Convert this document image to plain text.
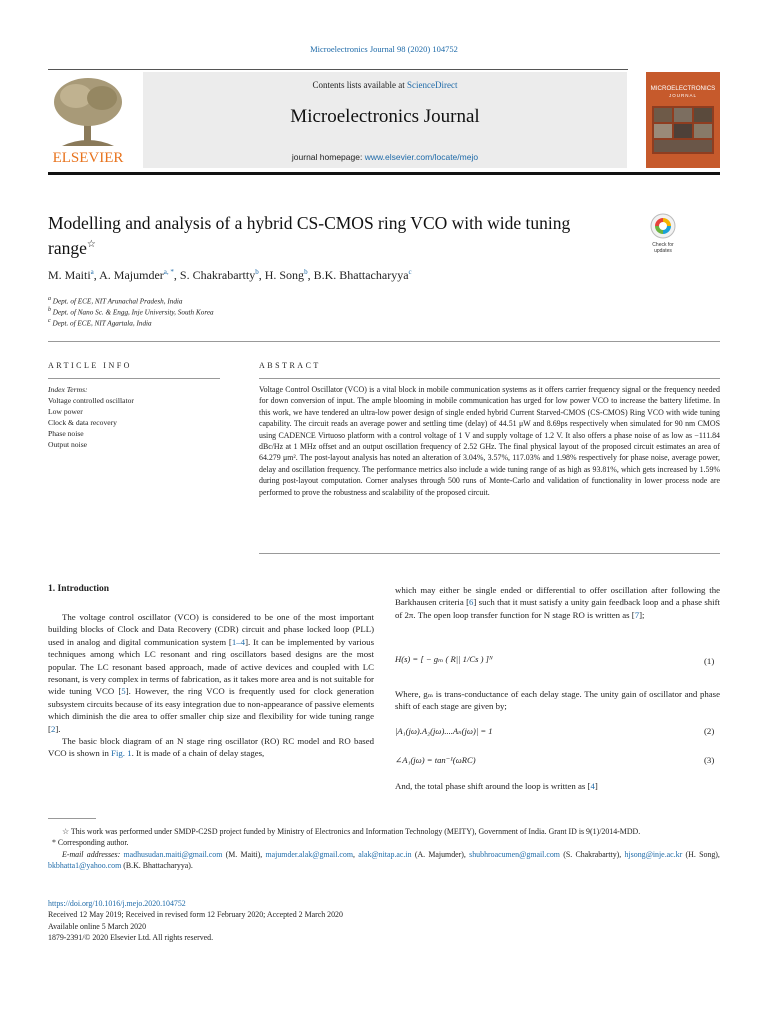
Microelectronics Journal 98 (2020) 104752
ELSEVIER
Contents lists available at ScienceDirect
Microelectronics Journal
journal homepage: www.elsevier.com/locate/mejo
MICROELECTRONICS
JOURNAL
Modelling and analysis of a hybrid CS-CMOS ring VCO with wide tuning range☆	Check for
updates
M. Maiti$^a$, A. Majumder$^{a, *}$, S. Chakrabartty$^b$, H. Song$^b$, B.K. Bhattacharyya$^c$
$^a$ Dept. of ECE, NIT Arunachal Pradesh, India
$^b$ Dept. of Nano Sc. & Engg, Inje University, South Korea
$^c$ Dept. of ECE, NIT Agartala, India
ARTICLE INFO
Index Terms:
Voltage controlled oscillator
Low power
Clock & data recovery
Phase noise
Output noise
ABSTRACT
Voltage Control Oscillator (VCO) is a vital block in mobile communication systems as it offers carrier frequency signal or the frequency needed for down conversion of input. The ample blooming in mobile communication has urged for low power VCO to increase the battery lifetime. In this work, we have tendered an ultra-low power design of single ended hybrid Current Starved-CMOS (CS-CMOS) Ring VCO with wide tuning capability. The circuit reads an average power and settling time (delay) of 44.51 μW and 8.69ps respectively when simulated for 90 nm CMOS using CADENCE Virtuoso platform with a control voltage of 1 V and supply voltage of 1.2 V. It also offers a phase noise of as low as −111.84 dBc/Hz at 1 MHz offset and an output oscillation frequency of 2.52 GHz. The final physical layout of the proposed circuit estimates an area of 64.279 μm². The post-layout analysis has noted an alteration of 3.04%, 3.57%, 117.03% and 1.98% respectively for phase noise, average power, delay and oscillation frequency. The performance metrics also include a wide tuning range of as high as 93.81%, which gets increased by 1.59% during post-layout computation. Corner analyses through 500 runs of Monte-Carlo and validation of functionality in lower process node are performed to prove the robustness and scalability of the proposed circuit.
1. Introduction

The voltage control oscillator (VCO) is considered to be one of the most important building blocks of Clock and Data Recovery (CDR) circuit and phase locked loop (PLL) used in analog and digital communication system [1–4]. It can be implemented by various techniques among which LC resonant and ring oscillators based designs are the most popular. The LC resonant based approach, made of active devices and coupled with LC resonant, is very complex in terms of fabrication, as it takes more area and is not suitable for wide tuning VCO [5]. However, the ring VCO is frequently used for clock generation subsystem circuits because of its easy integration due to non-appearance of passive elements which diminish the die area to offer smaller chip size and flexibility for wide tuning range [2].

The basic block diagram of an N stage ring oscillator (RO) RC model and RO based VCO is shown in Fig. 1. It is made of a chain of delay stages,

which may either be single ended or differential to offer oscillation after following the Barkhausen criteria [6] such that it must satisfy a unity gain feedback loop and a phase shift of 2π. The open loop transfer function for N stage RO is written as [7];

H(s) = [ − gₘ ( R|| 1/Cs ) ]ᴺ	(1)

Where, gₘ is trans-conductance of each delay stage. The unity gain of oscillator and phase shift of each stage are given by;

|A₁(jω).A₂(jω)....Aₙ(jω)| = 1	(2)
∠A₁(jω) = tan⁻¹(ωRC)	(3)

And, the total phase shift around the loop is written as [4]

☆ This work was performed under SMDP-C2SD project funded by Ministry of Electronics and Information Technology (MEITY), Government of India. Grant ID is 9(1)/2014-MDD.

* Corresponding author.

E-mail addresses: madhusudan.maiti@gmail.com (M. Maiti), majumder.alak@gmail.com, alak@nitap.ac.in (A. Majumder), shubhroacumen@gmail.com (S. Chakrabartty), hjsong@inje.ac.kr (H. Song), bkbhatta1@yahoo.com (B.K. Bhattacharyya).

https://doi.org/10.1016/j.mejo.2020.104752

Received 12 May 2019; Received in revised form 12 February 2020; Accepted 2 March 2020

Available online 5 March 2020

1879-2391/© 2020 Elsevier Ltd. All rights reserved.
